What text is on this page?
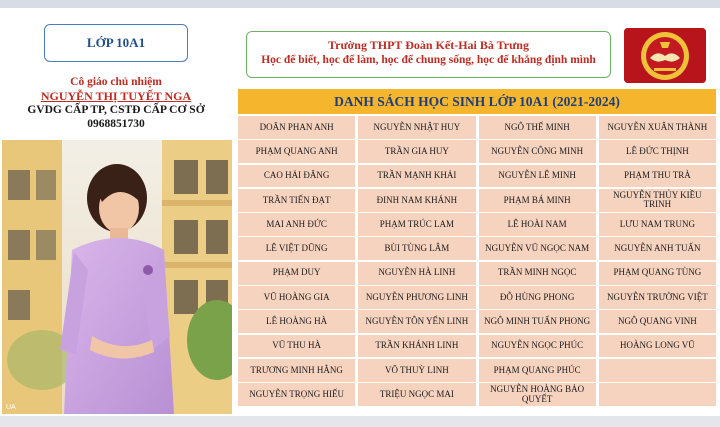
LỚP 10A1
Cô giáo chủ nhiệm
NGUYỄN THỊ TUYẾT NGA
GVDG CẤP TP, CSTĐ CẤP CƠ SỞ
0968851730
UA
Trường THPT Đoàn Kết-Hai Bà Trưng
Học để biết, học để làm, học để chung sống, học để khẳng định mình
DANH SÁCH HỌC SINH LỚP 10A1 (2021-2024)
DOÃN PHAN ANH	NGUYỄN NHẬT HUY	NGÔ THẾ MINH	NGUYỄN XUÂN THÀNH
PHẠM QUANG ANH	TRẦN GIA HUY	NGUYỄN CÔNG MINH	LÊ ĐỨC THỊNH
CAO HẢI ĐĂNG	TRẦN MẠNH KHẢI	NGUYỄN LÊ MINH	PHẠM THU TRÀ
TRẦN TIẾN ĐẠT	ĐINH NAM KHÁNH	PHẠM BÁ MINH	NGUYỄN THỦY KIỀU TRINH
MAI ANH ĐỨC	PHẠM TRÚC LAM	LÊ HOÀI NAM	LƯU NAM TRUNG
LÊ VIỆT DŨNG	BÙI TÙNG LÂM	NGUYỄN VŨ NGỌC NAM	NGUYỄN ANH TUẤN
PHẠM DUY	NGUYỄN HÀ LINH	TRẦN MINH NGỌC	PHẠM QUANG TÙNG
VŨ HOÀNG GIA	NGUYỄN PHƯƠNG LINH	ĐỖ HÙNG PHONG	NGUYỄN TRƯỜNG VIỆT
LÊ HOÀNG HÀ	NGUYỄN TÔN YẾN LINH	NGÔ MINH TUẤN PHONG	NGÔ QUANG VINH
VŨ THU HÀ	TRẦN KHÁNH LINH	NGUYỄN NGỌC PHÚC	HOÀNG LONG VŨ
TRƯƠNG MINH HẰNG	VÕ THUỲ LINH	PHẠM QUANG PHÚC
NGUYỄN TRỌNG HIẾU	TRIỆU NGỌC MAI	NGUYỄN HOÀNG BẢO QUYẾT
